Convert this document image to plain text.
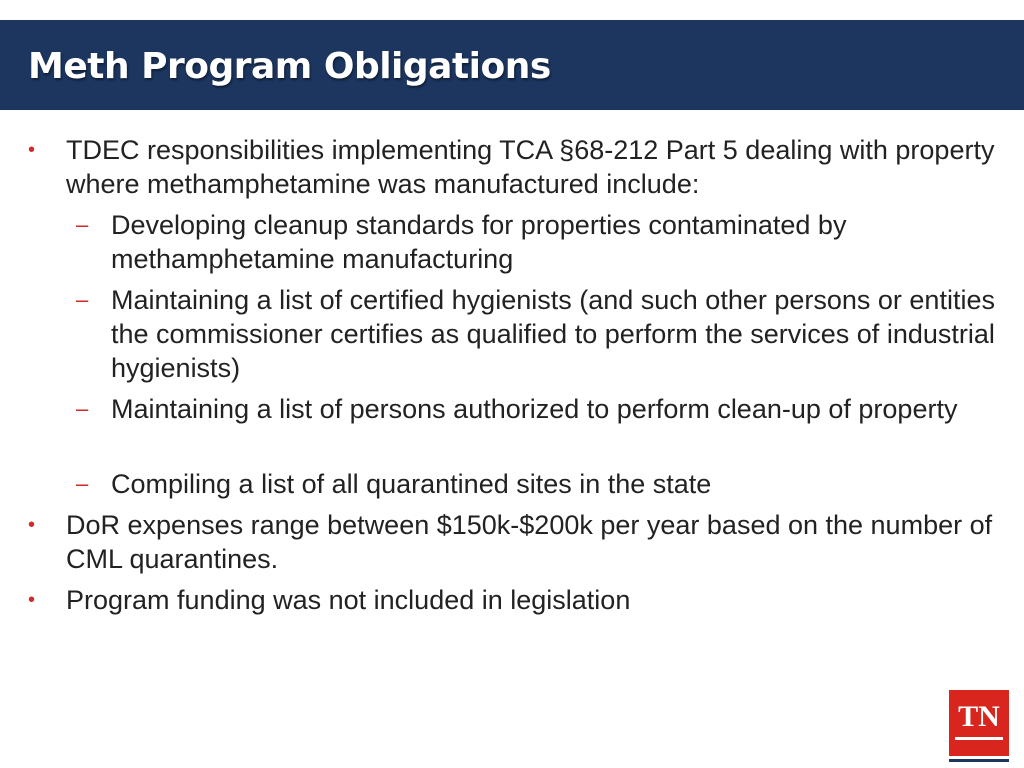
Meth Program Obligations
• TDEC responsibilities implementing TCA §68-212 Part 5 dealing with property where methamphetamine was manufactured include:
– Developing cleanup standards for properties contaminated by methamphetamine manufacturing
– Maintaining a list of certified hygienists (and such other persons or entities the commissioner certifies as qualified to perform the services of industrial hygienists)
– Maintaining a list of persons authorized to perform clean-up of property
– Compiling a list of all quarantined sites in the state
• DoR expenses range between $150k-$200k per year based on the number of CML quarantines.
• Program funding was not included in legislation
TN
